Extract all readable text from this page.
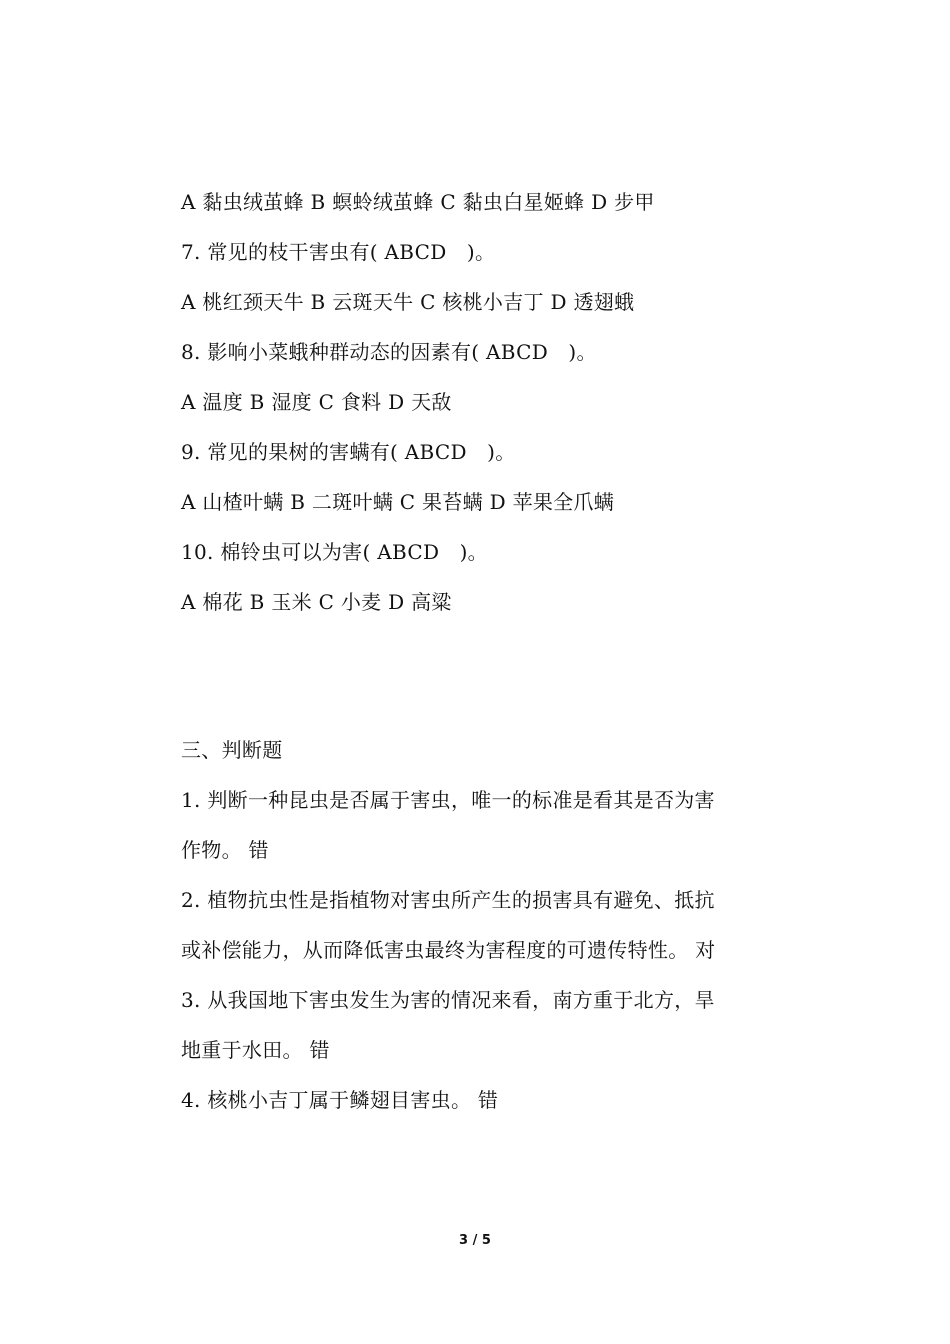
A 黏虫绒茧蜂 B 螟蛉绒茧蜂 C 黏虫白星姬蜂 D 步甲
7. 常见的枝干害虫有( ABCD　)。
A 桃红颈天牛 B 云斑天牛 C 核桃小吉丁 D 透翅蛾
8. 影响小菜蛾种群动态的因素有( ABCD　)。
A 温度 B 湿度 C 食料 D 天敌
9. 常见的果树的害螨有( ABCD　)。
A 山楂叶螨 B 二斑叶螨 C 果苔螨 D 苹果全爪螨
10. 棉铃虫可以为害( ABCD　)。
A 棉花 B 玉米 C 小麦 D 高粱
三、判断题
1. 判断一种昆虫是否属于害虫，唯一的标准是看其是否为害
作物。 错
2. 植物抗虫性是指植物对害虫所产生的损害具有避免、抵抗
或补偿能力，从而降低害虫最终为害程度的可遗传特性。 对
3. 从我国地下害虫发生为害的情况来看，南方重于北方，旱
地重于水田。 错
4. 核桃小吉丁属于鳞翅目害虫。 错
3 / 5
